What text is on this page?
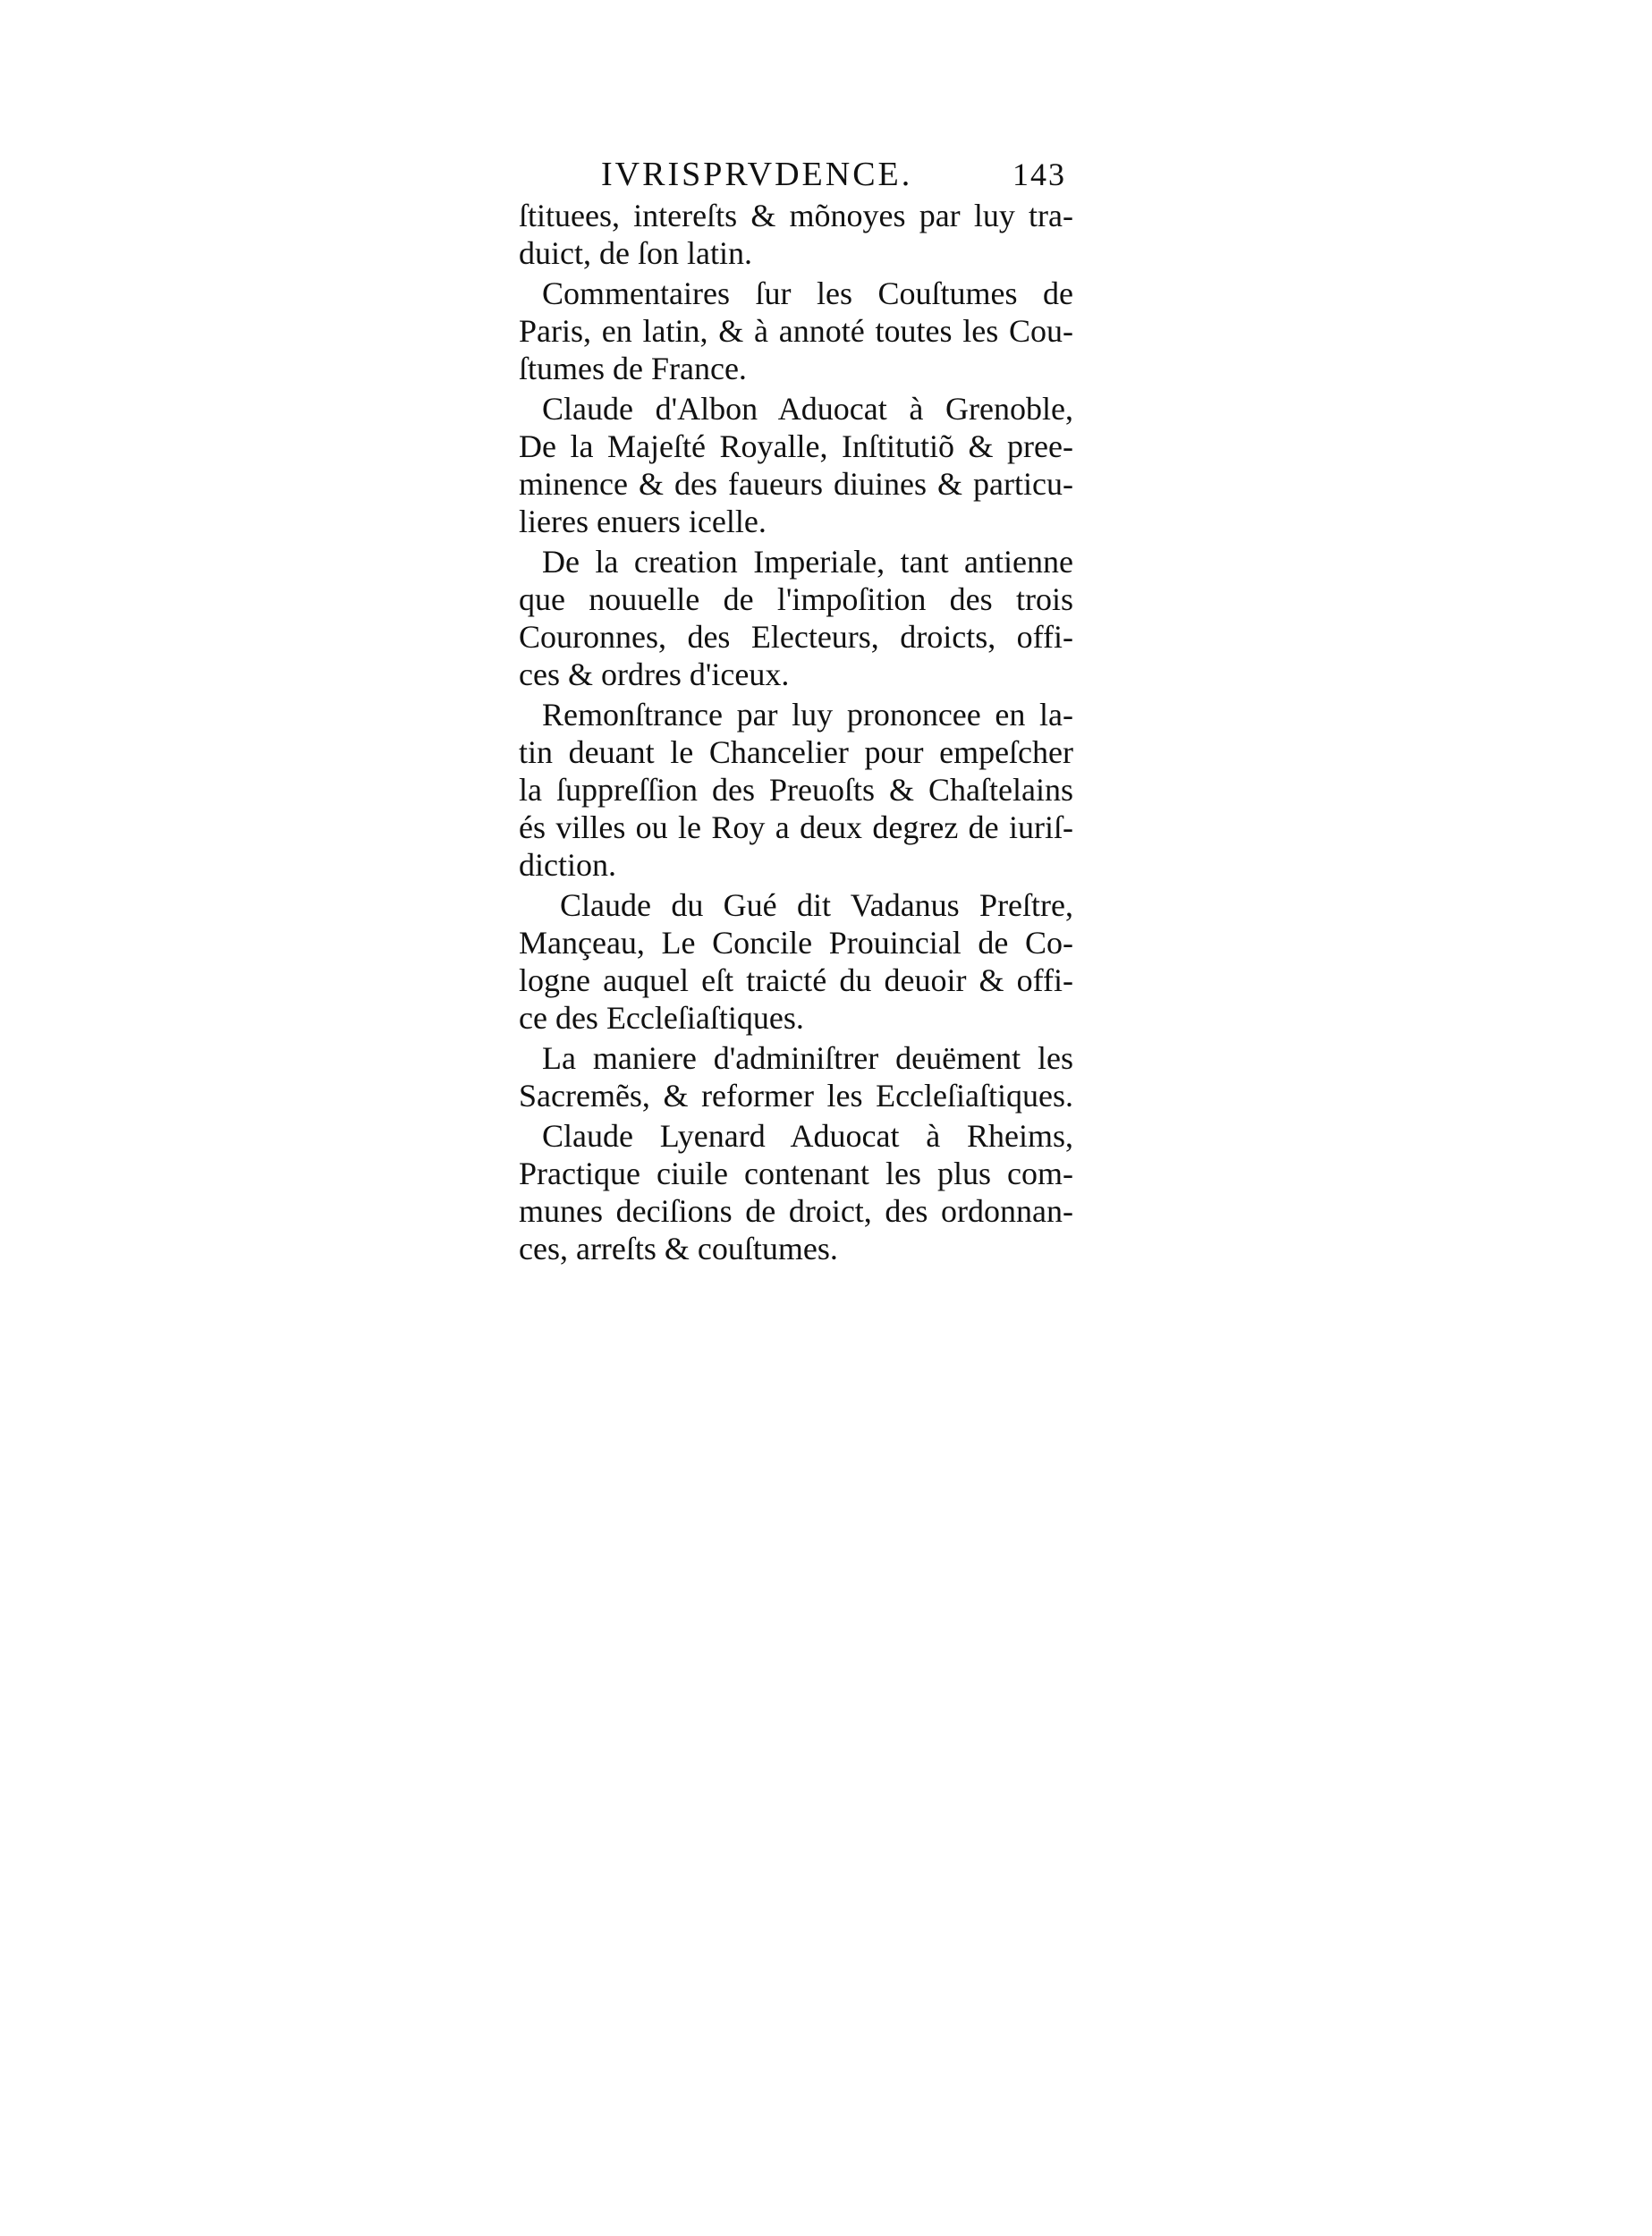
IVRISPRVDENCE.	143
ſtituees, intereſts & mõnoyes par luy tra-
duict, de ſon latin.
Commentaires ſur les Couſtumes de
Paris, en latin, & à annoté toutes les Cou-
ſtumes de France.
Claude d'Albon Aduocat à Grenoble,
De la Majeſté Royalle, Inſtitutiõ & pree-
minence & des faueurs diuines & particu-
lieres enuers icelle.
De la creation Imperiale, tant antienne
que nouuelle de l'impoſition des trois
Couronnes, des Electeurs, droicts, offi-
ces & ordres d'iceux.
Remonſtrance par luy prononcee en la-
tin deuant le Chancelier pour empeſcher
la ſuppreſſion des Preuoſts & Chaſtelains
és villes ou le Roy a deux degrez de iuriſ-
diction.
Claude du Gué dit Vadanus Preſtre,
Mançeau, Le Concile Prouincial de Co-
logne auquel eſt traicté du deuoir & offi-
ce des Eccleſiaſtiques.
La maniere d'adminiſtrer deuëment les
Sacremẽs, & reformer les Eccleſiaſtiques.
Claude Lyenard Aduocat à Rheims,
Practique ciuile contenant les plus com-
munes deciſions de droict, des ordonnan-
ces, arreſts & couſtumes.
